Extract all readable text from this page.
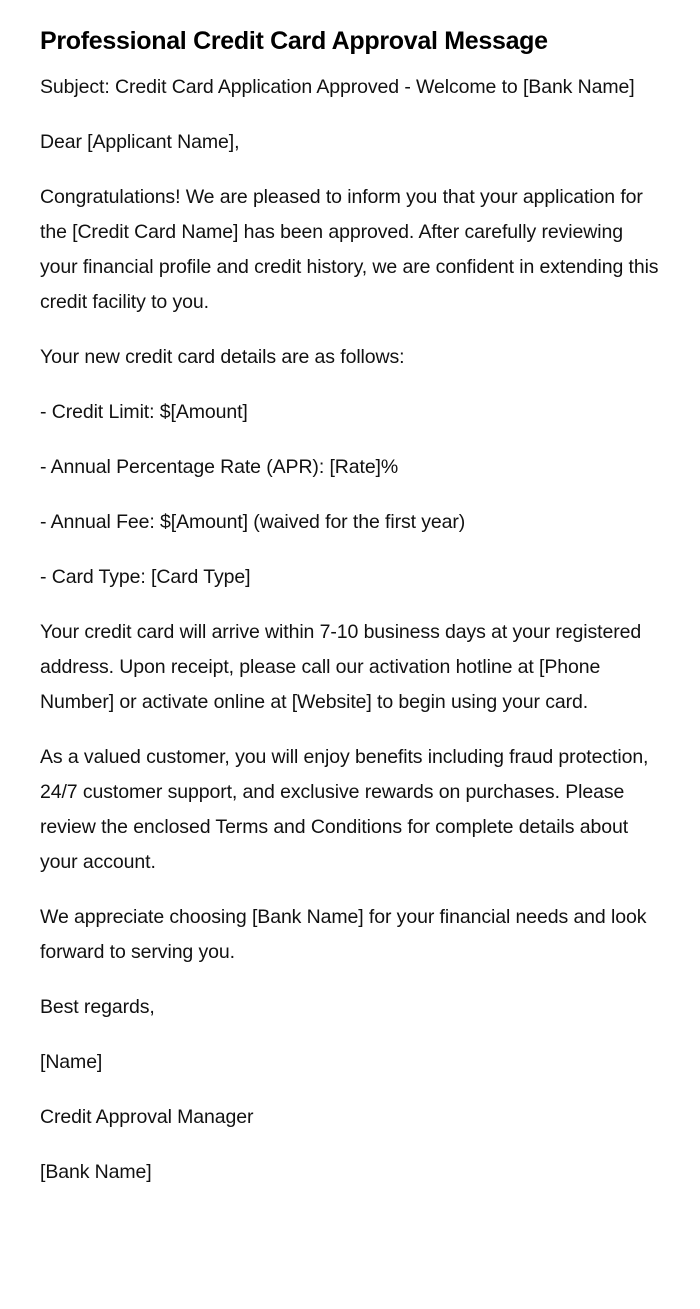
Professional Credit Card Approval Message

Subject: Credit Card Application Approved - Welcome to [Bank Name]

Dear [Applicant Name],

Congratulations! We are pleased to inform you that your application for the [Credit Card Name] has been approved. After carefully reviewing your financial profile and credit history, we are confident in extending this credit facility to you.

Your new credit card details are as follows:

- Credit Limit: $[Amount]

- Annual Percentage Rate (APR): [Rate]%

- Annual Fee: $[Amount] (waived for the first year)

- Card Type: [Card Type]

Your credit card will arrive within 7-10 business days at your registered address. Upon receipt, please call our activation hotline at [Phone Number] or activate online at [Website] to begin using your card.

As a valued customer, you will enjoy benefits including fraud protection, 24/7 customer support, and exclusive rewards on purchases. Please review the enclosed Terms and Conditions for complete details about your account.

We appreciate choosing [Bank Name] for your financial needs and look forward to serving you.

Best regards,

[Name]

Credit Approval Manager

[Bank Name]
